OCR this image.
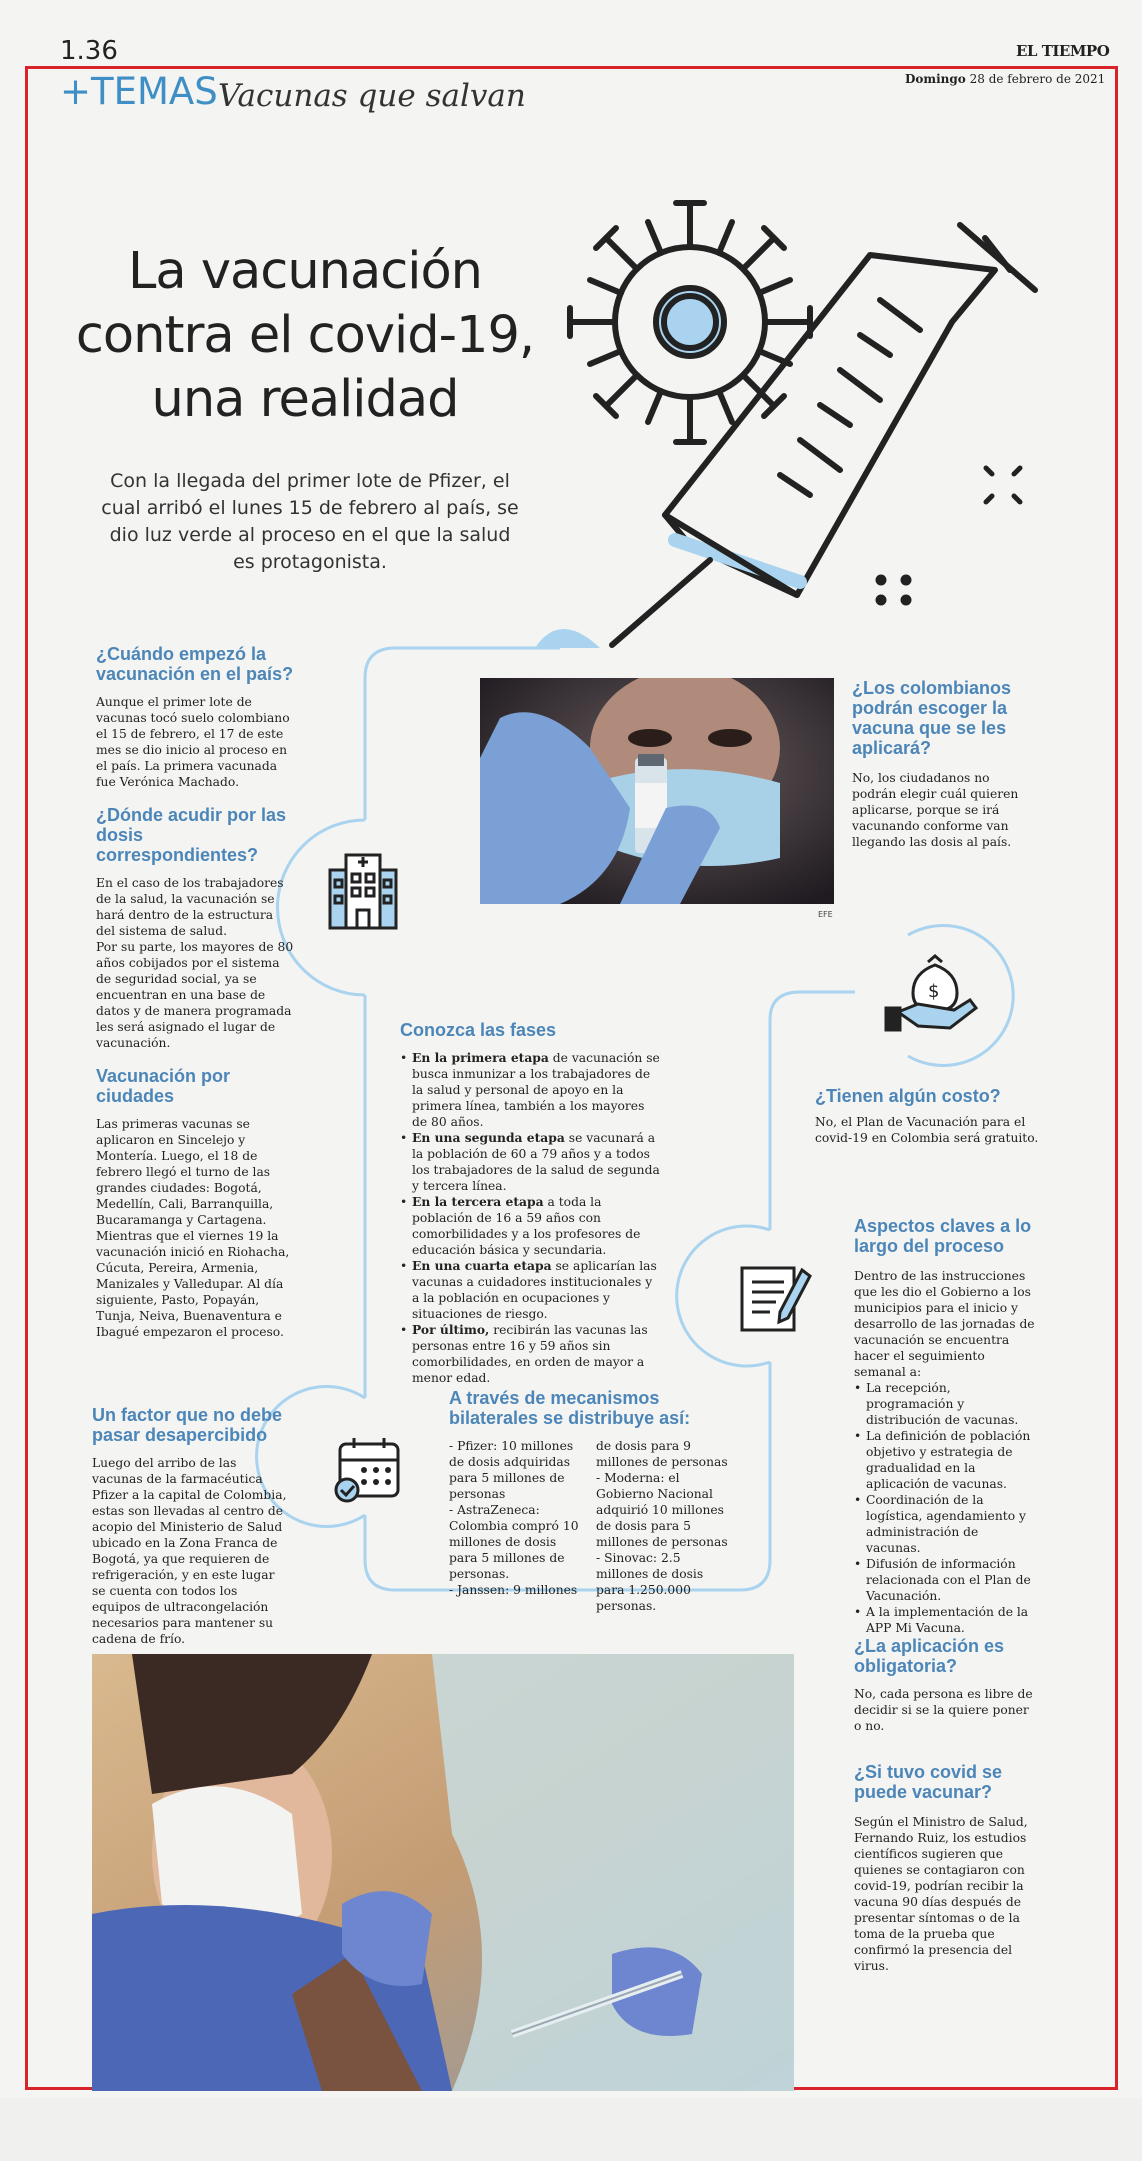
1.36	EL TIEMPO
Domingo 28 de febrero de 2021
+TEMAS Vacunas que salvan
La vacunación contra el covid-19, una realidad
Con la llegada del primer lote de Pfizer, el cual arribó el lunes 15 de febrero al país, se dio luz verde al proceso en el que la salud es protagonista.
$
EFE
¿Cuándo empezó la vacunación en el país?
Aunque el primer lote de vacunas tocó suelo colombiano el 15 de febrero, el 17 de este mes se dio inicio al proceso en el país. La primera vacunada fue Verónica Machado.
¿Dónde acudir por las dosis correspondientes?

En el caso de los trabajadores de la salud, la vacunación se hará dentro de la estructura del sistema de salud.

Por su parte, los mayores de 80 años cobijados por el sistema de seguridad social, ya se encuentran en una base de datos y de manera programada les será asignado el lugar de vacunación.

Vacunación por ciudades
Las primeras vacunas se aplicaron en Sincelejo y Montería. Luego, el 18 de febrero llegó el turno de las grandes ciudades: Bogotá, Medellín, Cali, Barranquilla, Bucaramanga y Cartagena. Mientras que el viernes 19 la vacunación inició en Riohacha, Cúcuta, Pereira, Armenia, Manizales y Valledupar. Al día siguiente, Pasto, Popayán, Tunja, Neiva, Buenaventura e Ibagué empezaron el proceso.
Un factor que no debe pasar desapercibido
Luego del arribo de las vacunas de la farmacéutica Pfizer a la capital de Colombia, estas son llevadas al centro de acopio del Ministerio de Salud ubicado en la Zona Franca de Bogotá, ya que requieren de refrigeración, y en este lugar se cuenta con todos los equipos de ultracongelación necesarios para mantener su cadena de frío.
Conozca las fases
• En la primera etapa de vacunación se busca inmunizar a los trabajadores de la salud y personal de apoyo en la primera línea, también a los mayores de 80 años.
• En una segunda etapa se vacunará a la población de 60 a 79 años y a todos los trabajadores de la salud de segunda y tercera línea.
• En la tercera etapa a toda la población de 16 a 59 años con comorbilidades y a los profesores de educación básica y secundaria.
• En una cuarta etapa se aplicarían las vacunas a cuidadores institucionales y a la población en ocupaciones y situaciones de riesgo.
• Por último, recibirán las vacunas las personas entre 16 y 59 años sin comorbilidades, en orden de mayor a menor edad.
A través de mecanismos bilaterales se distribuye así:

- Pfizer: 10 millones de dosis adquiridas para 5 millones de personas

- AstraZeneca: Colombia compró 10 millones de dosis para 5 millones de personas.

- Janssen: 9 millones

de dosis para 9 millones de personas

- Moderna: el Gobierno Nacional adquirió 10 millones de dosis para 5 millones de personas

- Sinovac: 2.5 millones de dosis para 1.250.000 personas.

¿Los colombianos podrán escoger la vacuna que se les aplicará?
No, los ciudadanos no podrán elegir cuál quieren aplicarse, porque se irá vacunando conforme van llegando las dosis al país.
¿Tienen algún costo?
No, el Plan de Vacunación para el covid-19 en Colombia será gratuito.
Aspectos claves a lo largo del proceso
Dentro de las instrucciones que les dio el Gobierno a los municipios para el inicio y desarrollo de las jornadas de vacunación se encuentra hacer el seguimiento semanal a:
• La recepción, programación y distribución de vacunas.
• La definición de población objetivo y estrategia de gradualidad en la aplicación de vacunas.
• Coordinación de la logística, agendamiento y administración de vacunas.
• Difusión de información relacionada con el Plan de Vacunación.
• A la implementación de la APP Mi Vacuna.
¿La aplicación es obligatoria?
No, cada persona es libre de decidir si se la quiere poner o no.
¿Si tuvo covid se puede vacunar?
Según el Ministro de Salud, Fernando Ruiz, los estudios científicos sugieren que quienes se contagiaron con covid-19, podrían recibir la vacuna 90 días después de presentar síntomas o de la toma de la prueba que confirmó la presencia del virus.
